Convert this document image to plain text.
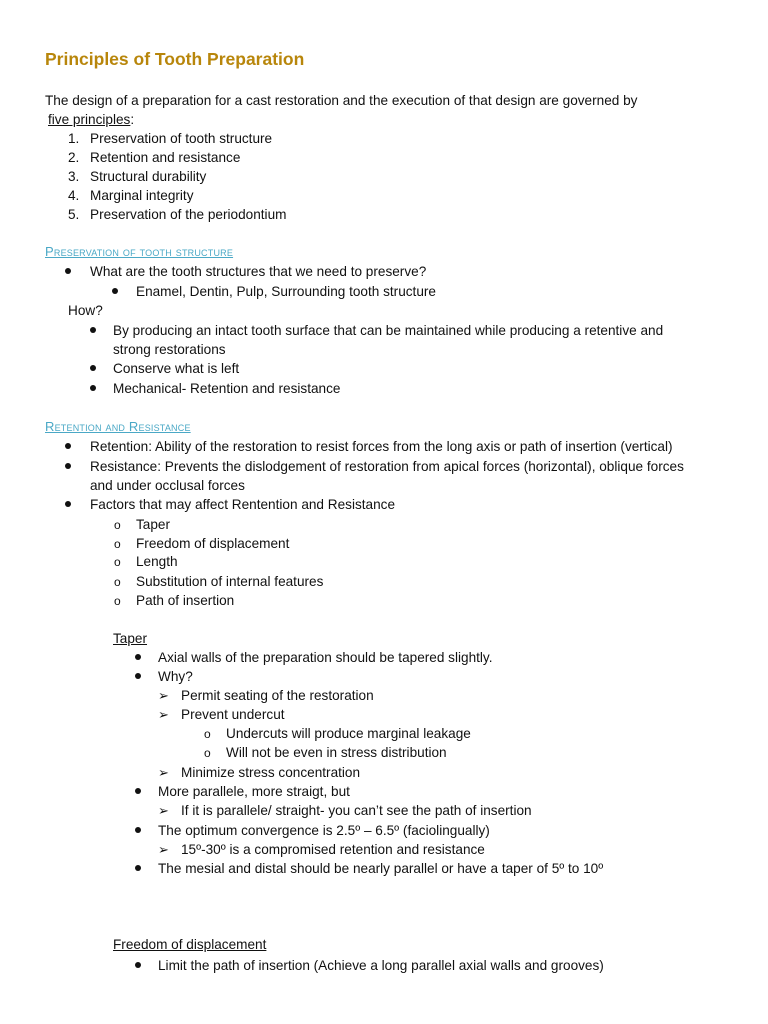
Principles of Tooth Preparation
The design of a preparation for a cast restoration and the execution of that design are governed by
five principles:
1. Preservation of tooth structure
2. Retention and resistance
3. Structural durability
4. Marginal integrity
5. Preservation of the periodontium
Preservation of tooth structure
What are the tooth structures that we need to preserve?
Enamel, Dentin, Pulp, Surrounding tooth structure
How?
By producing an intact tooth surface that can be maintained while producing a retentive and
strong restorations
Conserve what is left
Mechanical- Retention and resistance
Retention and Resistance
Retention: Ability of the restoration to resist forces from the long axis or path of insertion (vertical)
Resistance: Prevents the dislodgement of restoration from apical forces (horizontal), oblique forces
and under occlusal forces
Factors that may affect Rentention and Resistance
o Taper
o Freedom of displacement
o Length
o Substitution of internal features
o Path of insertion
Taper
Axial walls of the preparation should be tapered slightly.
Why?
➢ Permit seating of the restoration
➢ Prevent undercut
o Undercuts will produce marginal leakage
o Will not be even in stress distribution
➢ Minimize stress concentration
More parallele, more straigt, but
➢ If it is parallele/ straight- you can’t see the path of insertion
The optimum convergence is 2.5º – 6.5º (faciolingually)
➢ 15º-30º is a compromised retention and resistance
The mesial and distal should be nearly parallel or have a taper of 5º to 10º
Freedom of displacement
Limit the path of insertion (Achieve a long parallel axial walls and grooves)
